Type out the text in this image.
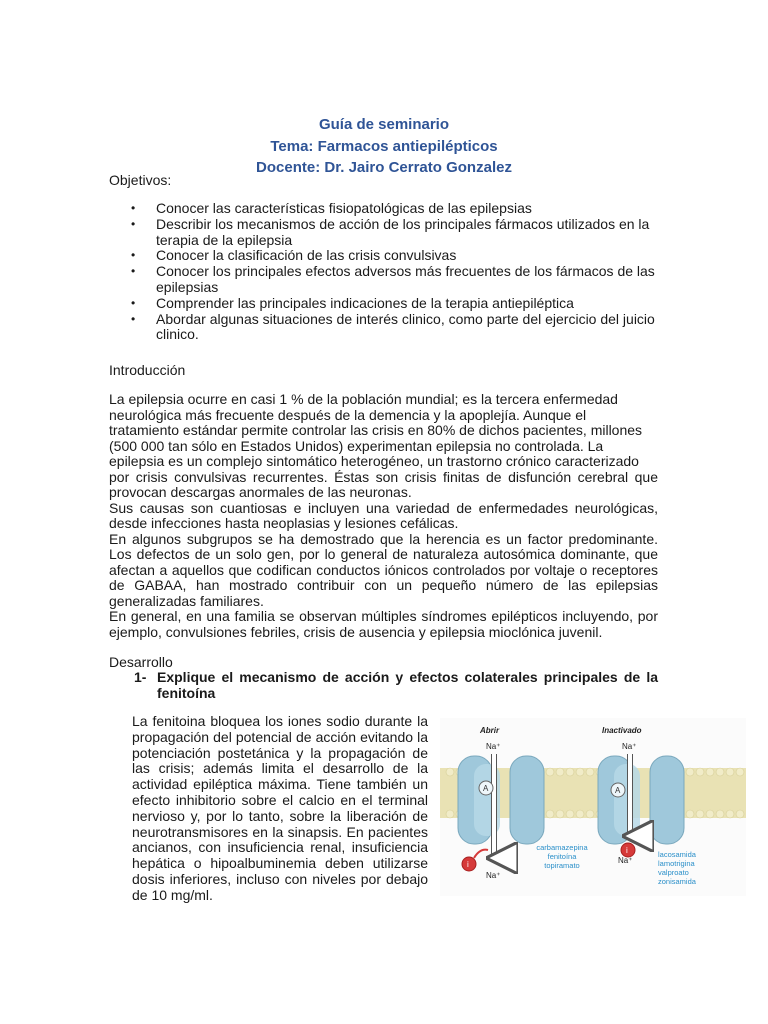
Guía de seminario
Tema: Farmacos antiepilépticos
Docente: Dr. Jairo Cerrato Gonzalez
Objetivos:
• Conocer las características fisiopatológicas de las epilepsias
• Describir los mecanismos de acción de los principales fármacos utilizados en la terapia de la epilepsia
• Conocer la clasificación de las crisis convulsivas
• Conocer los principales efectos adversos más frecuentes de los fármacos de las epilepsias
• Comprender las principales indicaciones de la terapia antiepiléptica
• Abordar algunas situaciones de interés clinico, como parte del ejercicio del juicio clinico.
Introducción

La epilepsia ocurre en casi 1 % de la población mundial; es la tercera enfermedad neurológica más frecuente después de la demencia y la apoplejía. Aunque el tratamiento estándar permite controlar las crisis en 80% de dichos pacientes, millones (500 000 tan sólo en Estados Unidos) experimentan epilepsia no controlada. La epilepsia es un complejo sintomático heterogéneo, un trastorno crónico caracterizado

por crisis convulsivas recurrentes. Éstas son crisis finitas de disfunción cerebral que provocan descargas anormales de las neuronas.

Sus causas son cuantiosas e incluyen una variedad de enfermedades neurológicas, desde infecciones hasta neoplasias y lesiones cefálicas.

En algunos subgrupos se ha demostrado que la herencia es un factor predominante. Los defectos de un solo gen, por lo general de naturaleza autosómica dominante, que afectan a aquellos que codifican conductos iónicos controlados por voltaje o receptores de GABAA, han mostrado contribuir con un pequeño número de las epilepsias generalizadas familiares.

En general, en una familia se observan múltiples síndromes epilépticos incluyendo, por ejemplo, convulsiones febriles, crisis de ausencia y epilepsia mioclónica juvenil.

Desarrollo
1- Explique el mecanismo de acción y efectos colaterales principales de la fenitoína
La fenitoina bloquea los iones sodio durante la propagación del potencial de acción evitando la potenciación postetánica y la propagación de las crisis; además limita el desarrollo de la actividad epiléptica máxima. Tiene también un efecto inhibitorio sobre el calcio en el terminal nervioso y, por lo tanto, sobre la liberación de neurotransmisores en la sinapsis. En pacientes ancianos, con insuficiencia renal, insuficiencia hepática o hipoalbuminemia deben utilizarse dosis inferiores, incluso con niveles por debajo de 10 mg/ml.
Abrir	Inactivado
Na⁺	Na⁺
Na⁺
Na⁺
A	A
i
i
carbamazepina
fenitoína
topiramato
lacosamida
lamotrigina
valproato
zonisamida
